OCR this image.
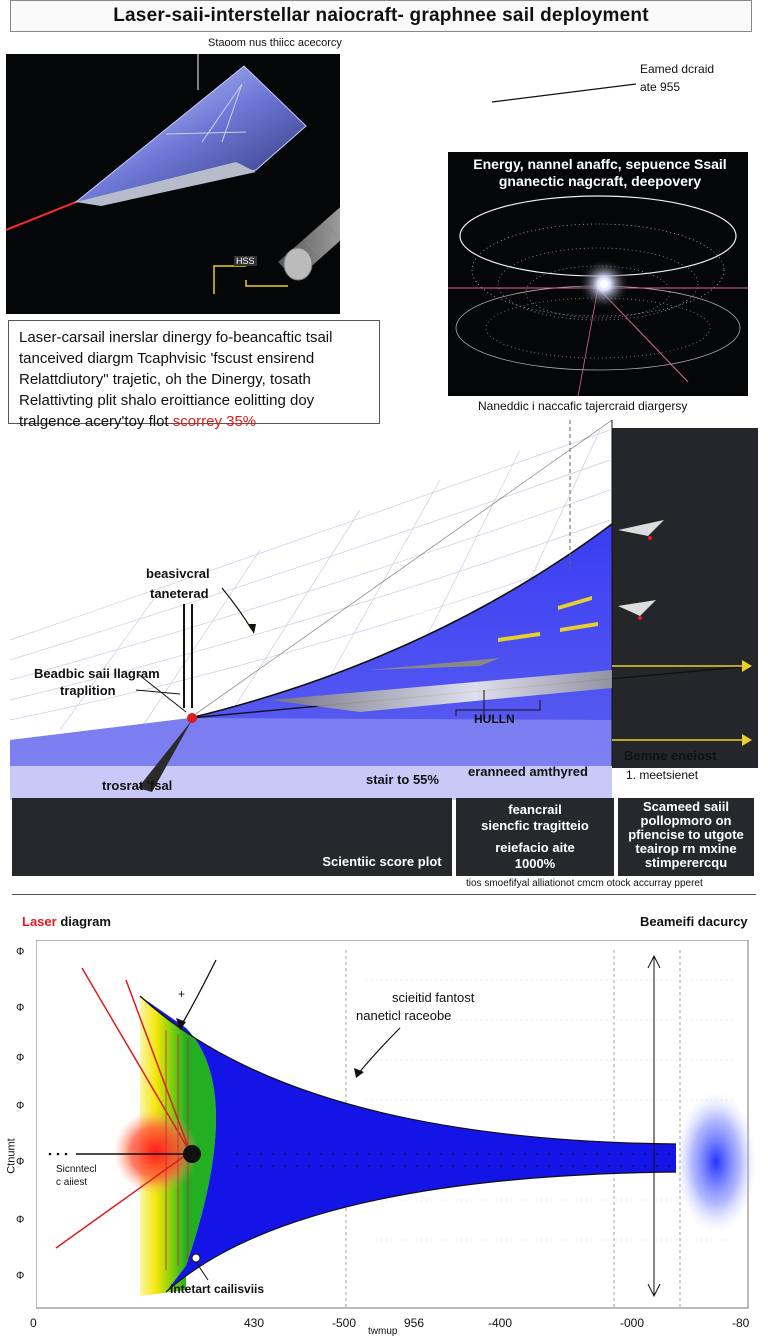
Laser-saii-interstellar naiocraft- graphnee sail deployment
Staoom nus thiicc acecorcy
HSS
Eamed dcraid
ate 955
Energy, nannel anaffc, sepuence Ssail
gnanectic nagcraft, deepovery
Naneddic i naccafic tajercraid diargersy
Laser-carsail inerslar dinergy fo-beancaftic tsail
tanceived diargm Tcaphvisic 'fscust ensirend
Relattdiutory" trajetic, oh the Dinergy, tosath
Relattivting plit shalo eroittiance eolitting doy
tralgence acery'toy flot scorrey 35%
beasivcral
taneterad
Beadbic saii llagram
traplition
HULLN
trosrat 'fsal	stair to 55%
eranneed amthyred
Bemne eneiost
1. meetsienet
Scientiic score plot
feancrail
siencfic tragitteio
reiefacio aite
1000%
Scameed saiil
pollopmoro on
pfiencise to utgote
teairop rn mxine
stimperercqu
tios smoefifyal alliationot cmcm otock accurray pperet
Laser diagram	Beameifi dacurcy
+	scieitid fantost
naneticl raceobe
Sicnntecl
c aiiest
Intetart cailisviis
Ctnumt
Ф
Ф
Ф
Ф
Ф
Ф
Ф
0	430	-500	956	-400	-000	-80
twmup
